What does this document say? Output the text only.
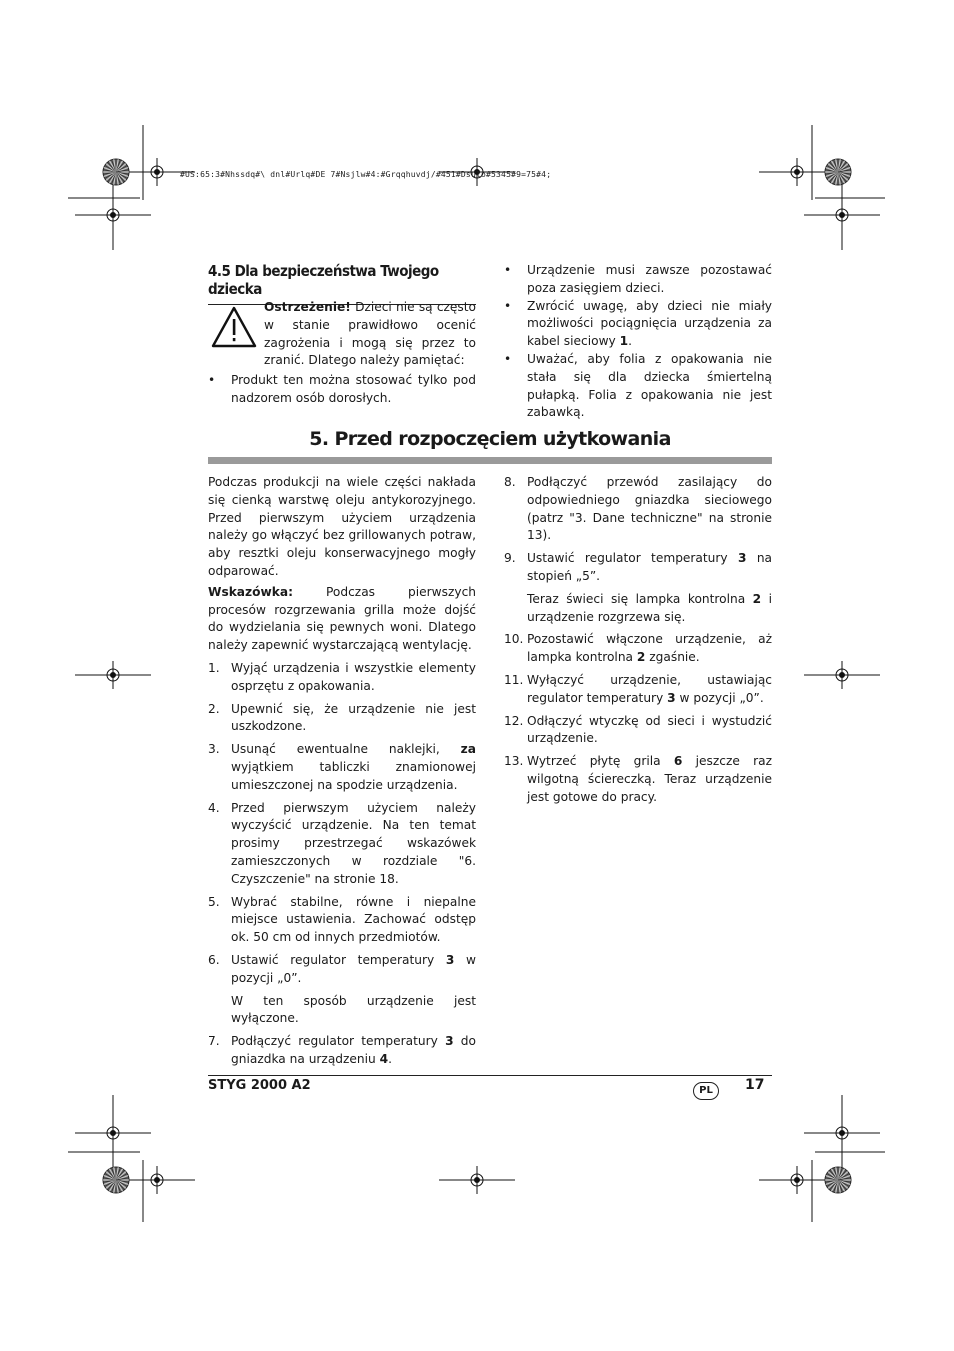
#US:65:3#Nhssdq#\ dnl#Urlq#DE 7#Nsjlw#4:#Grqqhuvdj/#451#Dsulo#5345#9=75#4;
4.5 Dla bezpieczeństwa Twojego dziecka
Ostrzeżenie! Dzieci nie są często w stanie prawidłowo ocenić zagrożenia i mogą się przez to zranić. Dlatego należy pamiętać:
• Produkt ten można stosować tylko pod nadzorem osób dorosłych.
• Urządzenie musi zawsze pozostawać poza zasięgiem dzieci.
• Zwrócić uwagę, aby dzieci nie miały możliwości pociągnięcia urządzenia za kabel sieciowy 1.
• Uważać, aby folia z opakowania nie stała się dla dziecka śmiertelną pułapką. Folia z opakowania nie jest zabawką.
5. Przed rozpoczęciem użytkowania
Podczas produkcji na wiele części nakłada się cienką warstwę oleju antykorozyjnego. Przed pierwszym użyciem urządzenia należy go włączyć bez grillowanych potraw, aby resztki oleju konserwacyjnego mogły odparować.
Wskazówka:	Podczas pierwszych procesów rozgrzewania grilla może dojść do wydzielania się pewnych woni. Dlatego należy zapewnić wystarczającą wentylację.
1. Wyjąć urządzenia i wszystkie elementy osprzętu z opakowania.
2. Upewnić się, że urządzenie nie jest uszkodzone.
3. Usunąć ewentualne naklejki, za wyjątkiem tabliczki znamionowej umieszczonej na spodzie urządzenia.
4. Przed pierwszym użyciem należy wyczyścić urządzenie. Na ten temat prosimy przestrzegać wskazówek zamieszczonych w rozdziale "6. Czyszczenie" na stronie 18.
5. Wybrać stabilne, równe i niepalne miejsce ustawienia. Zachować odstęp ok. 50 cm od innych przedmiotów.
6. Ustawić regulator temperatury 3 w pozycji „0”.
W ten sposób urządzenie jest wyłączone.
7. Podłączyć regulator temperatury 3 do gniazdka na urządzeniu 4.
8. Podłączyć przewód zasilający do odpowiedniego gniazdka sieciowego (patrz "3. Dane techniczne" na stronie 13).
9. Ustawić regulator temperatury 3 na stopień „5”.
Teraz świeci się lampka kontrolna 2 i urządzenie rozgrzewa się.
10. Pozostawić włączone urządzenie, aż lampka kontrolna 2 zgaśnie.
11. Wyłączyć urządzenie, ustawiając regulator temperatury 3 w pozycji „0”.
12. Odłączyć wtyczkę od sieci i wystudzić urządzenie.
13. Wytrzeć płytę grila 6 jeszcze raz wilgotną ściereczką. Teraz urządzenie jest gotowe do pracy.
STYG 2000 A2	PL	17
